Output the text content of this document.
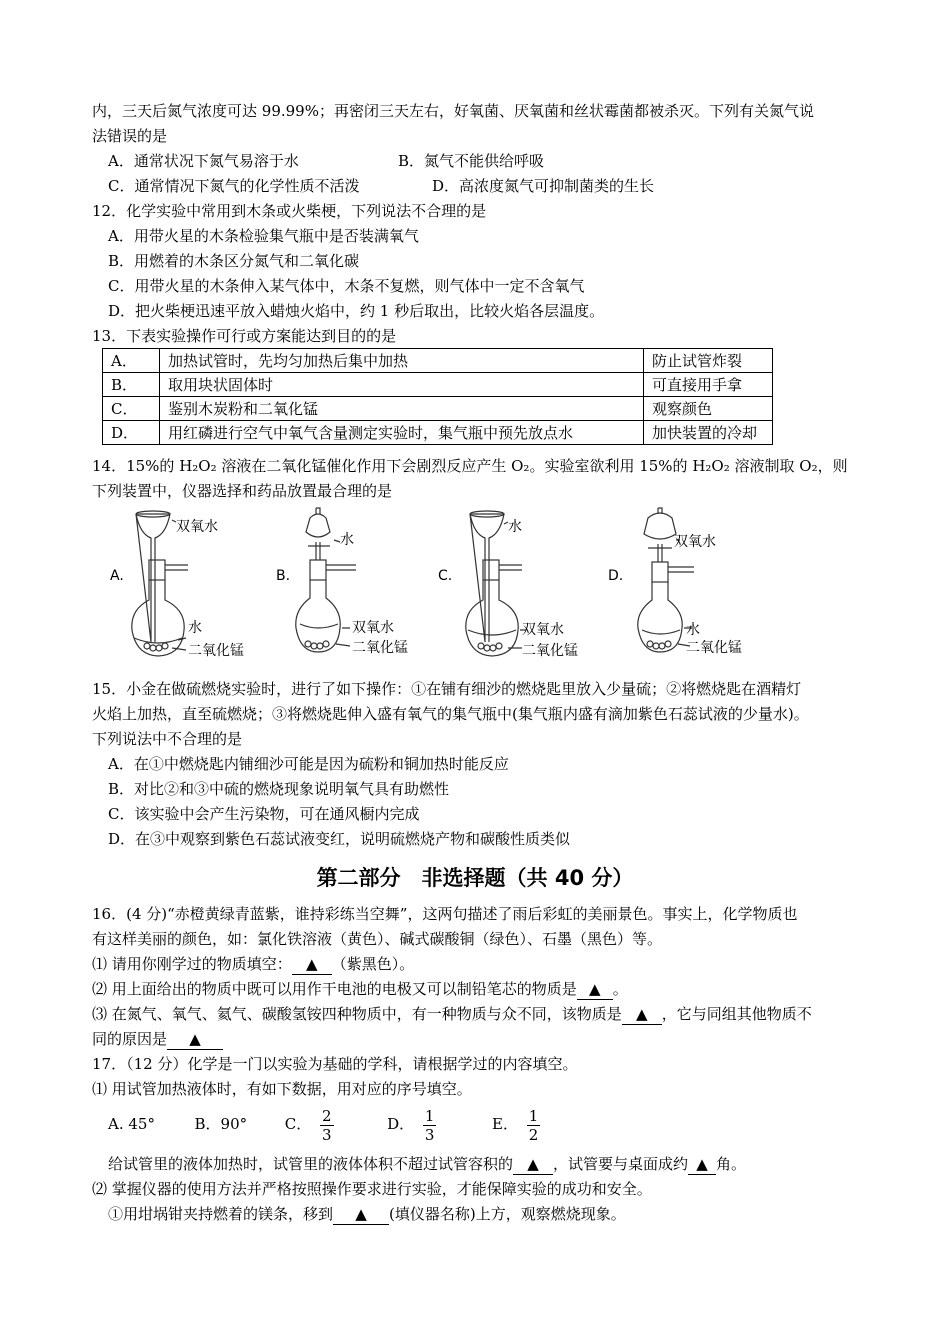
内，三天后氮气浓度可达 99.99%；再密闭三天左右，好氧菌、厌氧菌和丝状霉菌都被杀灭。下列有关氮气说
法错误的是
A．通常状况下氮气易溶于水	B．氮气不能供给呼吸
C．通常情况下氮气的化学性质不活泼	D．高浓度氮气可抑制菌类的生长
12．化学实验中常用到木条或火柴梗，下列说法不合理的是
A．用带火星的木条检验集气瓶中是否装满氧气
B．用燃着的木条区分氮气和二氧化碳
C．用带火星的木条伸入某气体中，木条不复燃，则气体中一定不含氧气
D．把火柴梗迅速平放入蜡烛火焰中，约 1 秒后取出，比较火焰各层温度。
13．下表实验操作可行或方案能达到目的的是
A．	加热试管时，先均匀加热后集中加热	防止试管炸裂
B．	取用块状固体时	可直接用手拿
C．	鉴别木炭粉和二氧化锰	观察颜色
D．	用红磷进行空气中氧气含量测定实验时，集气瓶中预先放点水	加快装置的冷却
14．15%的 H₂O₂ 溶液在二氧化锰催化作用下会剧烈反应产生 O₂。实验室欲利用 15%的 H₂O₂ 溶液制取 O₂，则
下列装置中，仪器选择和药品放置最合理的是
A.
双氧水
水
二氧化锰
B.
水
双氧水
二氧化锰
C.
水
双氧水
二氧化锰
D.
双氧水
水
二氧化锰
15．小金在做硫燃烧实验时，进行了如下操作：①在铺有细沙的燃烧匙里放入少量硫；②将燃烧匙在酒精灯
火焰上加热，直至硫燃烧；③将燃烧匙伸入盛有氧气的集气瓶中(集气瓶内盛有滴加紫色石蕊试液的少量水)。
下列说法中不合理的是
A．在①中燃烧匙内铺细沙可能是因为硫粉和铜加热时能反应
B．对比②和③中硫的燃烧现象说明氧气具有助燃性
C．该实验中会产生污染物，可在通风橱内完成
D．在③中观察到紫色石蕊试液变红，说明硫燃烧产物和碳酸性质类似
第二部分　非选择题（共 40 分）
16．(4 分)“赤橙黄绿青蓝紫，谁持彩练当空舞”，这两句描述了雨后彩虹的美丽景色。事实上，化学物质也
有这样美丽的颜色，如：氯化铁溶液（黄色）、碱式碳酸铜（绿色）、石墨（黑色）等。
⑴ 请用你刚学过的物质填空： ▲ （紫黑色）。
⑵ 用上面给出的物质中既可以用作干电池的电极又可以制铅笔芯的物质是 ▲ 。
⑶ 在氮气、氧气、氦气、碳酸氢铵四种物质中，有一种物质与众不同，该物质是 ▲ ，它与同组其他物质不
同的原因是 ▲
17．（12 分）化学是一门以实验为基础的学科，请根据学过的内容填空。
⑴ 用试管加热液体时，有如下数据，用对应的序号填空。
A. 45°	B．90°	C． $\frac{2}{3}$	D． $\frac{1}{3}$	E． $\frac{1}{2}$
给试管里的液体加热时，试管里的液体体积不超过试管容积的 ▲ ，试管要与桌面成约 ▲ 角。
⑵ 掌握仪器的使用方法并严格按照操作要求进行实验，才能保障实验的成功和安全。
①用坩埚钳夹持燃着的镁条，移到 ▲ (填仪器名称)上方，观察燃烧现象。
